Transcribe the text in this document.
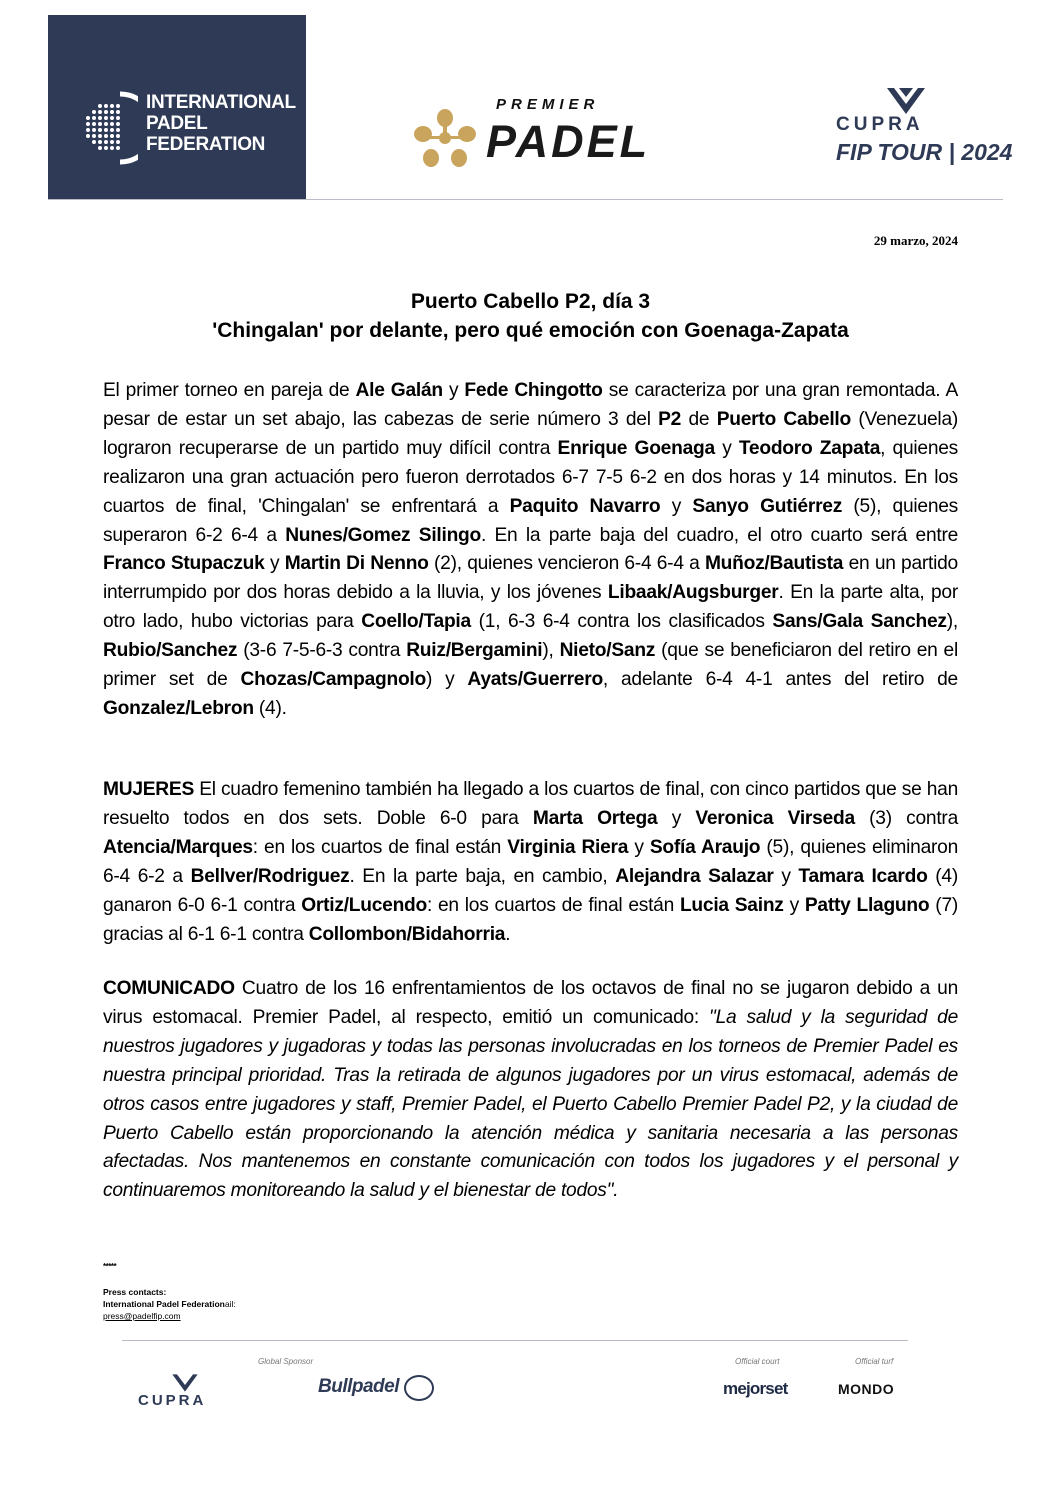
INTERNATIONAL
PADEL
FEDERATION
PREMIER
PADEL	CUPRA
FIP TOUR | 2024
29 marzo, 2024
Puerto Cabello P2, día 3
'Chingalan' por delante, pero qué emoción con Goenaga-Zapata
El primer torneo en pareja de Ale Galán y Fede Chingotto se caracteriza por una gran remontada. A pesar de estar un set abajo, las cabezas de serie número 3 del P2 de Puerto Cabello (Venezuela) lograron recuperarse de un partido muy difícil contra Enrique Goenaga y Teodoro Zapata, quienes realizaron una gran actuación pero fueron derrotados 6-7 7-5 6-2 en dos horas y 14 minutos. En los cuartos de final, 'Chingalan' se enfrentará a Paquito Navarro y Sanyo Gutiérrez (5), quienes superaron 6-2 6-4 a Nunes/Gomez Silingo. En la parte baja del cuadro, el otro cuarto será entre Franco Stupaczuk y Martin Di Nenno (2), quienes vencieron 6-4 6-4 a Muñoz/Bautista en un partido interrumpido por dos horas debido a la lluvia, y los jóvenes Libaak/Augsburger. En la parte alta, por otro lado, hubo victorias para Coello/Tapia (1, 6-3 6-4 contra los clasificados Sans/Gala Sanchez), Rubio/Sanchez (3-6 7-5-6-3 contra Ruiz/Bergamini), Nieto/Sanz (que se beneficiaron del retiro en el primer set de Chozas/Campagnolo) y Ayats/Guerrero, adelante 6-4 4-1 antes del retiro de Gonzalez/Lebron (4).
MUJERES El cuadro femenino también ha llegado a los cuartos de final, con cinco partidos que se han resuelto todos en dos sets. Doble 6-0 para Marta Ortega y Veronica Virseda (3) contra Atencia/Marques: en los cuartos de final están Virginia Riera y Sofía Araujo (5), quienes eliminaron 6-4 6-2 a Bellver/Rodriguez. En la parte baja, en cambio, Alejandra Salazar y Tamara Icardo (4) ganaron 6-0 6-1 contra Ortiz/Lucendo: en los cuartos de final están Lucia Sainz y Patty Llaguno (7) gracias al 6-1 6-1 contra Collombon/Bidahorria.
COMUNICADO Cuatro de los 16 enfrentamientos de los octavos de final no se jugaron debido a un virus estomacal. Premier Padel, al respecto, emitió un comunicado: "La salud y la seguridad de nuestros jugadores y jugadoras y todas las personas involucradas en los torneos de Premier Padel es nuestra principal prioridad. Tras la retirada de algunos jugadores por un virus estomacal, además de otros casos entre jugadores y staff, Premier Padel, el Puerto Cabello Premier Padel P2, y la ciudad de Puerto Cabello están proporcionando la atención médica y sanitaria necesaria a las personas afectadas. Nos mantenemos en constante comunicación con todos los jugadores y el personal y continuaremos monitoreando la salud y el bienestar de todos".
*****
Press contacts:
International Padel Federationail:
press@padelfip.com
Global Sponsor	Official court	Official turf
CUPRA
Bullpadel	mejorset	MONDO
